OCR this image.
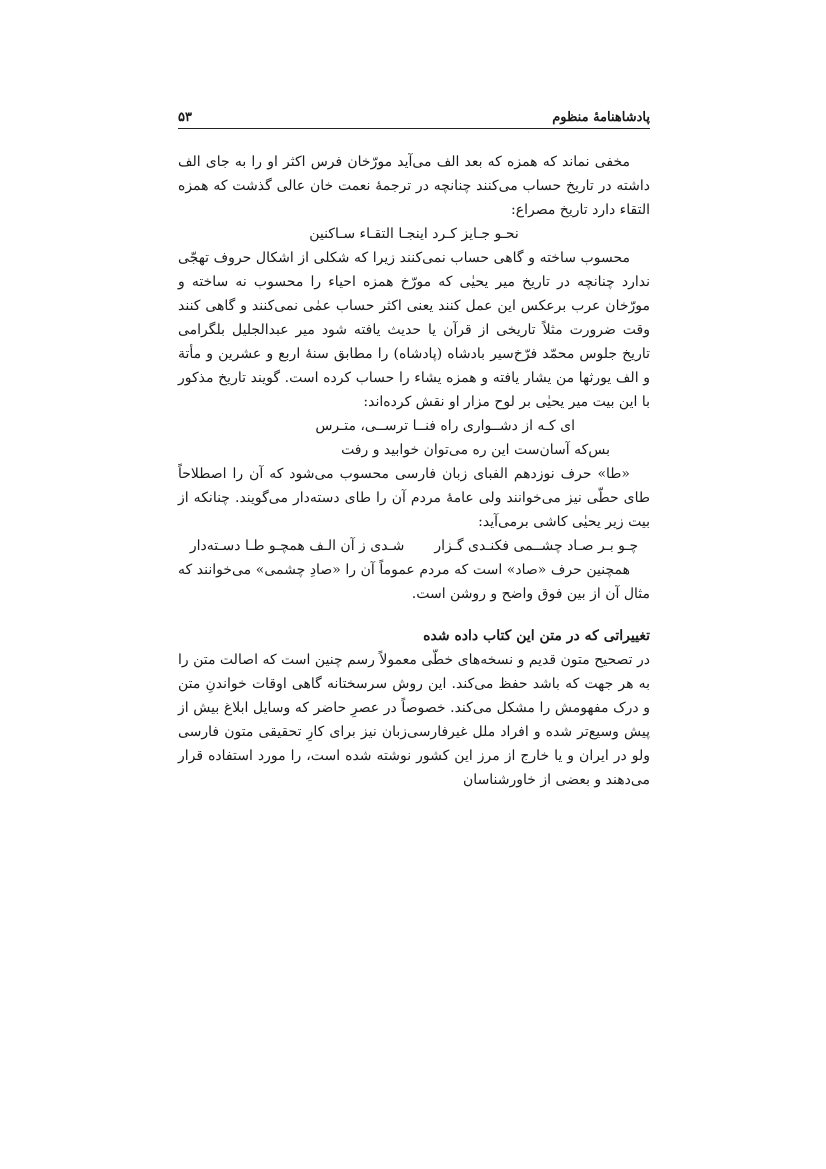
پادشاهنامهٔ منظوم
۵۳

مخفی نماند که همزه که بعد الف می‌آید مورّخان فرس اکثر او را به جای الف داشته در تاریخ حساب می‌کنند چنانچه در ترجمهٔ نعمت خان عالی گذشت که همزه التقاء دارد تاریخ مصراع:

نحـو جـایز کـرد اینجـا التقـاء سـاکنین

محسوب ساخته و گاهی حساب نمی‌کنند زیرا که شکلی از اشکال حروف تهجّی ندارد چنانچه در تاریخ میر یحیٰی که مورّخ همزه احیاء را محسوب نه ساخته و مورّخان عرب برعکس این عمل کنند یعنی اکثر حساب عمٰی نمی‌کنند و گاهی کنند وقت ضرورت مثلاً تاریخی از قرآن یا حدیث یافته شود میر عبدالجلیل بلگرامی تاریخ جلوس محمّد فرّخ‌سیر بادشاه (پادشاه) را مطابق سنهٔ اربع و عشرین و مأتة و الف یورثها من یشار یافته و همزه یشاء را حساب کرده است. گویند تاریخ مذکور با این بیت میر یحیٰی بر لوح مزار او نقش کرده‌اند:

ای کـه از دشــواری راه فنــا ترســی، متـرس

بس‌که آسان‌ست این ره می‌توان خوابید و رفت

«طا» حرف نوزدهم الفبای زبان فارسی محسوب می‌شود که آن را اصطلاحاً طای حطّی نیز می‌خوانند ولی عامهٔ مردم آن را طای دسته‌دار می‌گویند. چنانکه از بیت زیر یحیٰی کاشی برمی‌آید:

چـو بـر صـاد چشــمی فکنـدی گـزار
شـدی ز آن الـف همچـو طـا دسـته‌دار

همچنین حرف «صاد» است که مردم عموماً آن را «صادِ چشمی» می‌خوانند که مثال آن از بین فوق واضح و روشن است.

تغییراتی که در متن این کتاب داده شده

در تصحیح متون قدیم و نسخه‌های خطّی معمولاً رسم چنین است که اصالت متن را به هر جهت که باشد حفظ می‌کند. این روش سرسختانه گاهی اوقات خواندنِ متن و درک مفهومش را مشکل می‌کند. خصوصاً در عصرِ حاضر که وسایل ابلاغ بیش از پیش وسیع‌تر شده و افراد ملل غیرفارسی‌زبان نیز برای کارِ تحقیقی متون فارسی ولو در ایران و یا خارج از مرز این کشور نوشته شده است، را مورد استفاده قرار می‌دهند و بعضی از خاورشناسان
